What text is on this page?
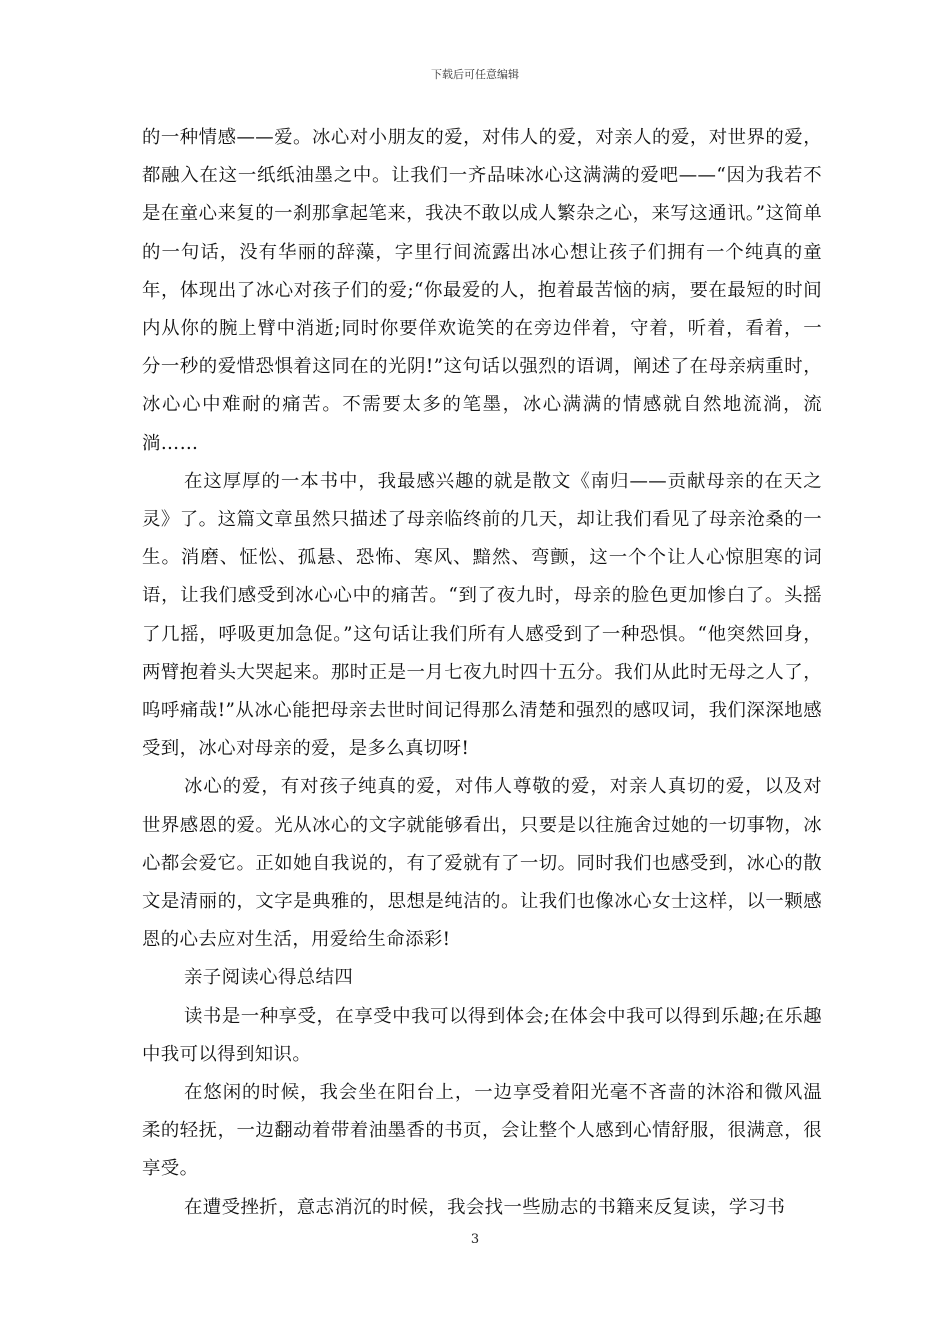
下载后可任意编辑

的一种情感——爱。冰心对小朋友的爱，对伟人的爱，对亲人的爱，对世界的爱，都融入在这一纸纸油墨之中。让我们一齐品味冰心这满满的爱吧——“因为我若不是在童心来复的一刹那拿起笔来，我决不敢以成人繁杂之心，来写这通讯。”这简单的一句话，没有华丽的辞藻，字里行间流露出冰心想让孩子们拥有一个纯真的童年，体现出了冰心对孩子们的爱;“你最爱的人，抱着最苦恼的病，要在最短的时间内从你的腕上臂中消逝;同时你要佯欢诡笑的在旁边伴着，守着，听着，看着，一分一秒的爱惜恐惧着这同在的光阴!”这句话以强烈的语调，阐述了在母亲病重时，冰心心中难耐的痛苦。不需要太多的笔墨，冰心满满的情感就自然地流淌，流淌……

在这厚厚的一本书中，我最感兴趣的就是散文《南归——贡献母亲的在天之灵》了。这篇文章虽然只描述了母亲临终前的几天，却让我们看见了母亲沧桑的一生。消磨、怔忪、孤悬、恐怖、寒风、黯然、弯颤，这一个个让人心惊胆寒的词语，让我们感受到冰心心中的痛苦。“到了夜九时，母亲的脸色更加惨白了。头摇了几摇，呼吸更加急促。”这句话让我们所有人感受到了一种恐惧。“他突然回身，两臂抱着头大哭起来。那时正是一月七夜九时四十五分。我们从此时无母之人了，呜呼痛哉!”从冰心能把母亲去世时间记得那么清楚和强烈的感叹词，我们深深地感受到，冰心对母亲的爱，是多么真切呀!

冰心的爱，有对孩子纯真的爱，对伟人尊敬的爱，对亲人真切的爱，以及对世界感恩的爱。光从冰心的文字就能够看出，只要是以往施舍过她的一切事物，冰心都会爱它。正如她自我说的，有了爱就有了一切。同时我们也感受到，冰心的散文是清丽的，文字是典雅的，思想是纯洁的。让我们也像冰心女士这样，以一颗感恩的心去应对生活，用爱给生命添彩!

亲子阅读心得总结四

读书是一种享受，在享受中我可以得到体会;在体会中我可以得到乐趣;在乐趣中我可以得到知识。

在悠闲的时候，我会坐在阳台上，一边享受着阳光毫不吝啬的沐浴和微风温柔的轻抚，一边翻动着带着油墨香的书页，会让整个人感到心情舒服，很满意，很享受。

在遭受挫折，意志消沉的时候，我会找一些励志的书籍来反复读，学习书

3
